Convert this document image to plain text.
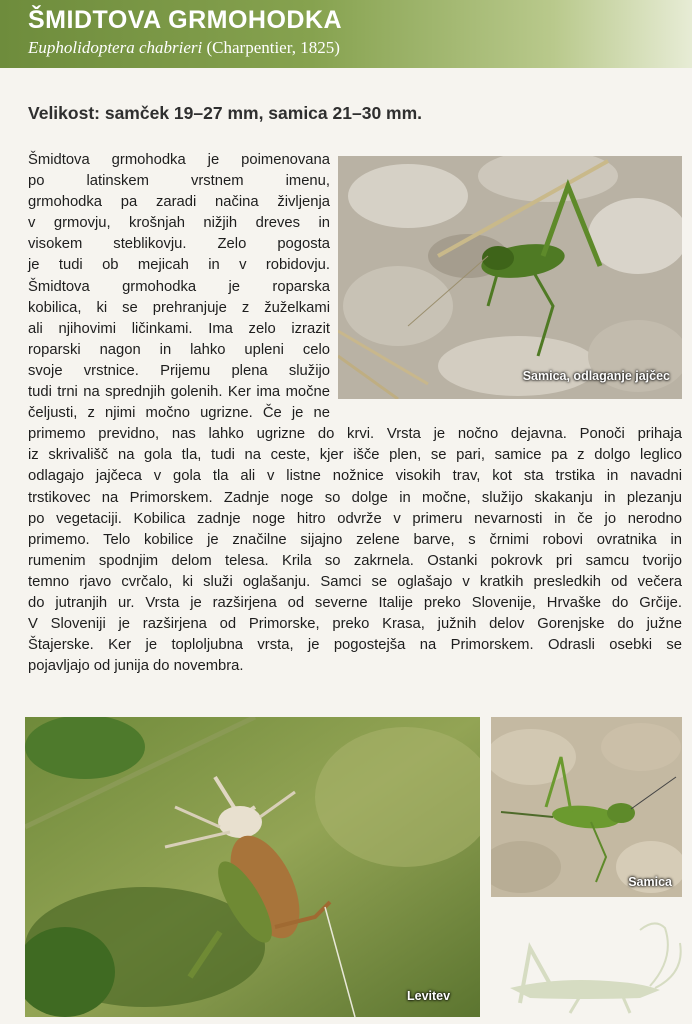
ŠMIDTOVA GRMOHODKA

Eupholidoptera chabrieri (Charpentier, 1825)

Velikost: samček 19–27 mm, samica 21–30 mm.

Samica, odlaganje jajčec
Šmidtova grmohodka je poimenovana
po latinskem vrstnem imenu,
grmohodka pa zaradi načina življenja
v grmovju, krošnjah nižjih dreves in
visokem steblikovju. Zelo pogosta
je tudi ob mejicah in v robidovju.
Šmidtova grmohodka je roparska
kobilica, ki se prehranjuje z žuželkami
ali njihovimi ličinkami. Ima zelo izrazit
roparski nagon in lahko upleni celo
svoje vrstnice. Prijemu plena služijo
tudi trni na sprednjih golenih. Ker ima močne čeljusti, z njimi močno ugrizne. Če je ne
primemo previdno, nas lahko ugrizne do krvi. Vrsta je nočno dejavna. Ponoči prihaja
iz skrivališč na gola tla, tudi na ceste, kjer išče plen, se pari, samice pa z dolgo leglico
odlagajo jajčeca v gola tla ali v listne nožnice visokih trav, kot sta trstika in navadni
trstikovec na Primorskem. Zadnje noge so dolge in močne, služijo skakanju in plezanju
po vegetaciji. Kobilica zadnje noge hitro odvrže v primeru nevarnosti in če jo nerodno
primemo. Telo kobilice je značilne sijajno zelene barve, s črnimi robovi ovratnika in
rumenim spodnjim delom telesa. Krila so zakrnela. Ostanki pokrovk pri samcu tvorijo
temno rjavo cvrčalo, ki služi oglašanju. Samci se oglašajo v kratkih presledkih od večera
do jutranjih ur. Vrsta je razširjena od severne Italije preko Slovenije, Hrvaške do Grčije.
V Sloveniji je razširjena od Primorske, preko Krasa, južnih delov Gorenjske do južne
Štajerske. Ker je toploljubna vrsta, je pogostejša na Primorskem. Odrasli osebki se
pojavljajo od junija do novembra.
Levitev
Samica
